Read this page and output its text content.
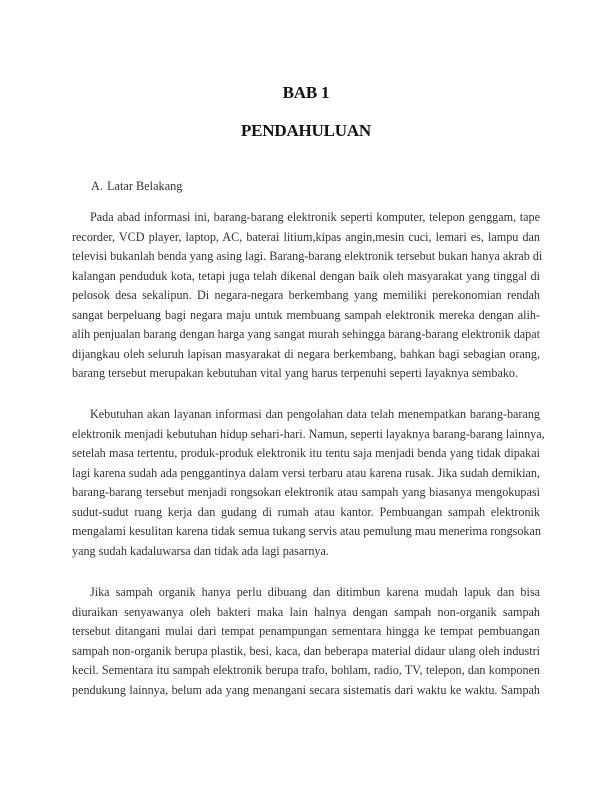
BAB 1
PENDAHULUAN
A. Latar Belakang
Pada abad informasi ini, barang-barang elektronik seperti komputer, telepon genggam, tape
recorder, VCD player, laptop, AC, baterai litium,kipas angin,mesin cuci, lemari es, lampu dan
televisi bukanlah benda yang asing lagi. Barang-barang elektronik tersebut bukan hanya akrab di
kalangan penduduk kota, tetapi juga telah dikenal dengan baik oleh masyarakat yang tinggal di
pelosok desa sekalipun. Di negara-negara berkembang yang memiliki perekonomian rendah
sangat berpeluang bagi negara maju untuk membuang sampah elektronik mereka dengan alih-
alih penjualan barang dengan harga yang sangat murah sehingga barang-barang elektronik dapat
dijangkau oleh seluruh lapisan masyarakat di negara berkembang, bahkan bagi sebagian orang,
barang tersebut merupakan kebutuhan vital yang harus terpenuhi seperti layaknya sembako.
Kebutuhan akan layanan informasi dan pengolahan data telah menempatkan barang-barang
elektronik menjadi kebutuhan hidup sehari-hari. Namun, seperti layaknya barang-barang lainnya,
setelah masa tertentu, produk-produk elektronik itu tentu saja menjadi benda yang tidak dipakai
lagi karena sudah ada penggantinya dalam versi terbaru atau karena rusak. Jika sudah demikian,
barang-barang tersebut menjadi rongsokan elektronik atau sampah yang biasanya mengokupasi
sudut-sudut ruang kerja dan gudang di rumah atau kantor. Pembuangan sampah elektronik
mengalami kesulitan karena tidak semua tukang servis atau pemulung mau menerima rongsokan
yang sudah kadaluwarsa dan tidak ada lagi pasarnya.
Jika sampah organik hanya perlu dibuang dan ditimbun karena mudah lapuk dan bisa
diuraikan senyawanya oleh bakteri maka lain halnya dengan sampah non-organik sampah
tersebut ditangani mulai dari tempat penampungan sementara hingga ke tempat pembuangan
sampah non-organik berupa plastik, besi, kaca, dan beberapa material didaur ulang oleh industri
kecil. Sementara itu sampah elektronik berupa trafo, bohlam, radio, TV, telepon, dan komponen
pendukung lainnya, belum ada yang menangani secara sistematis dari waktu ke waktu. Sampah
